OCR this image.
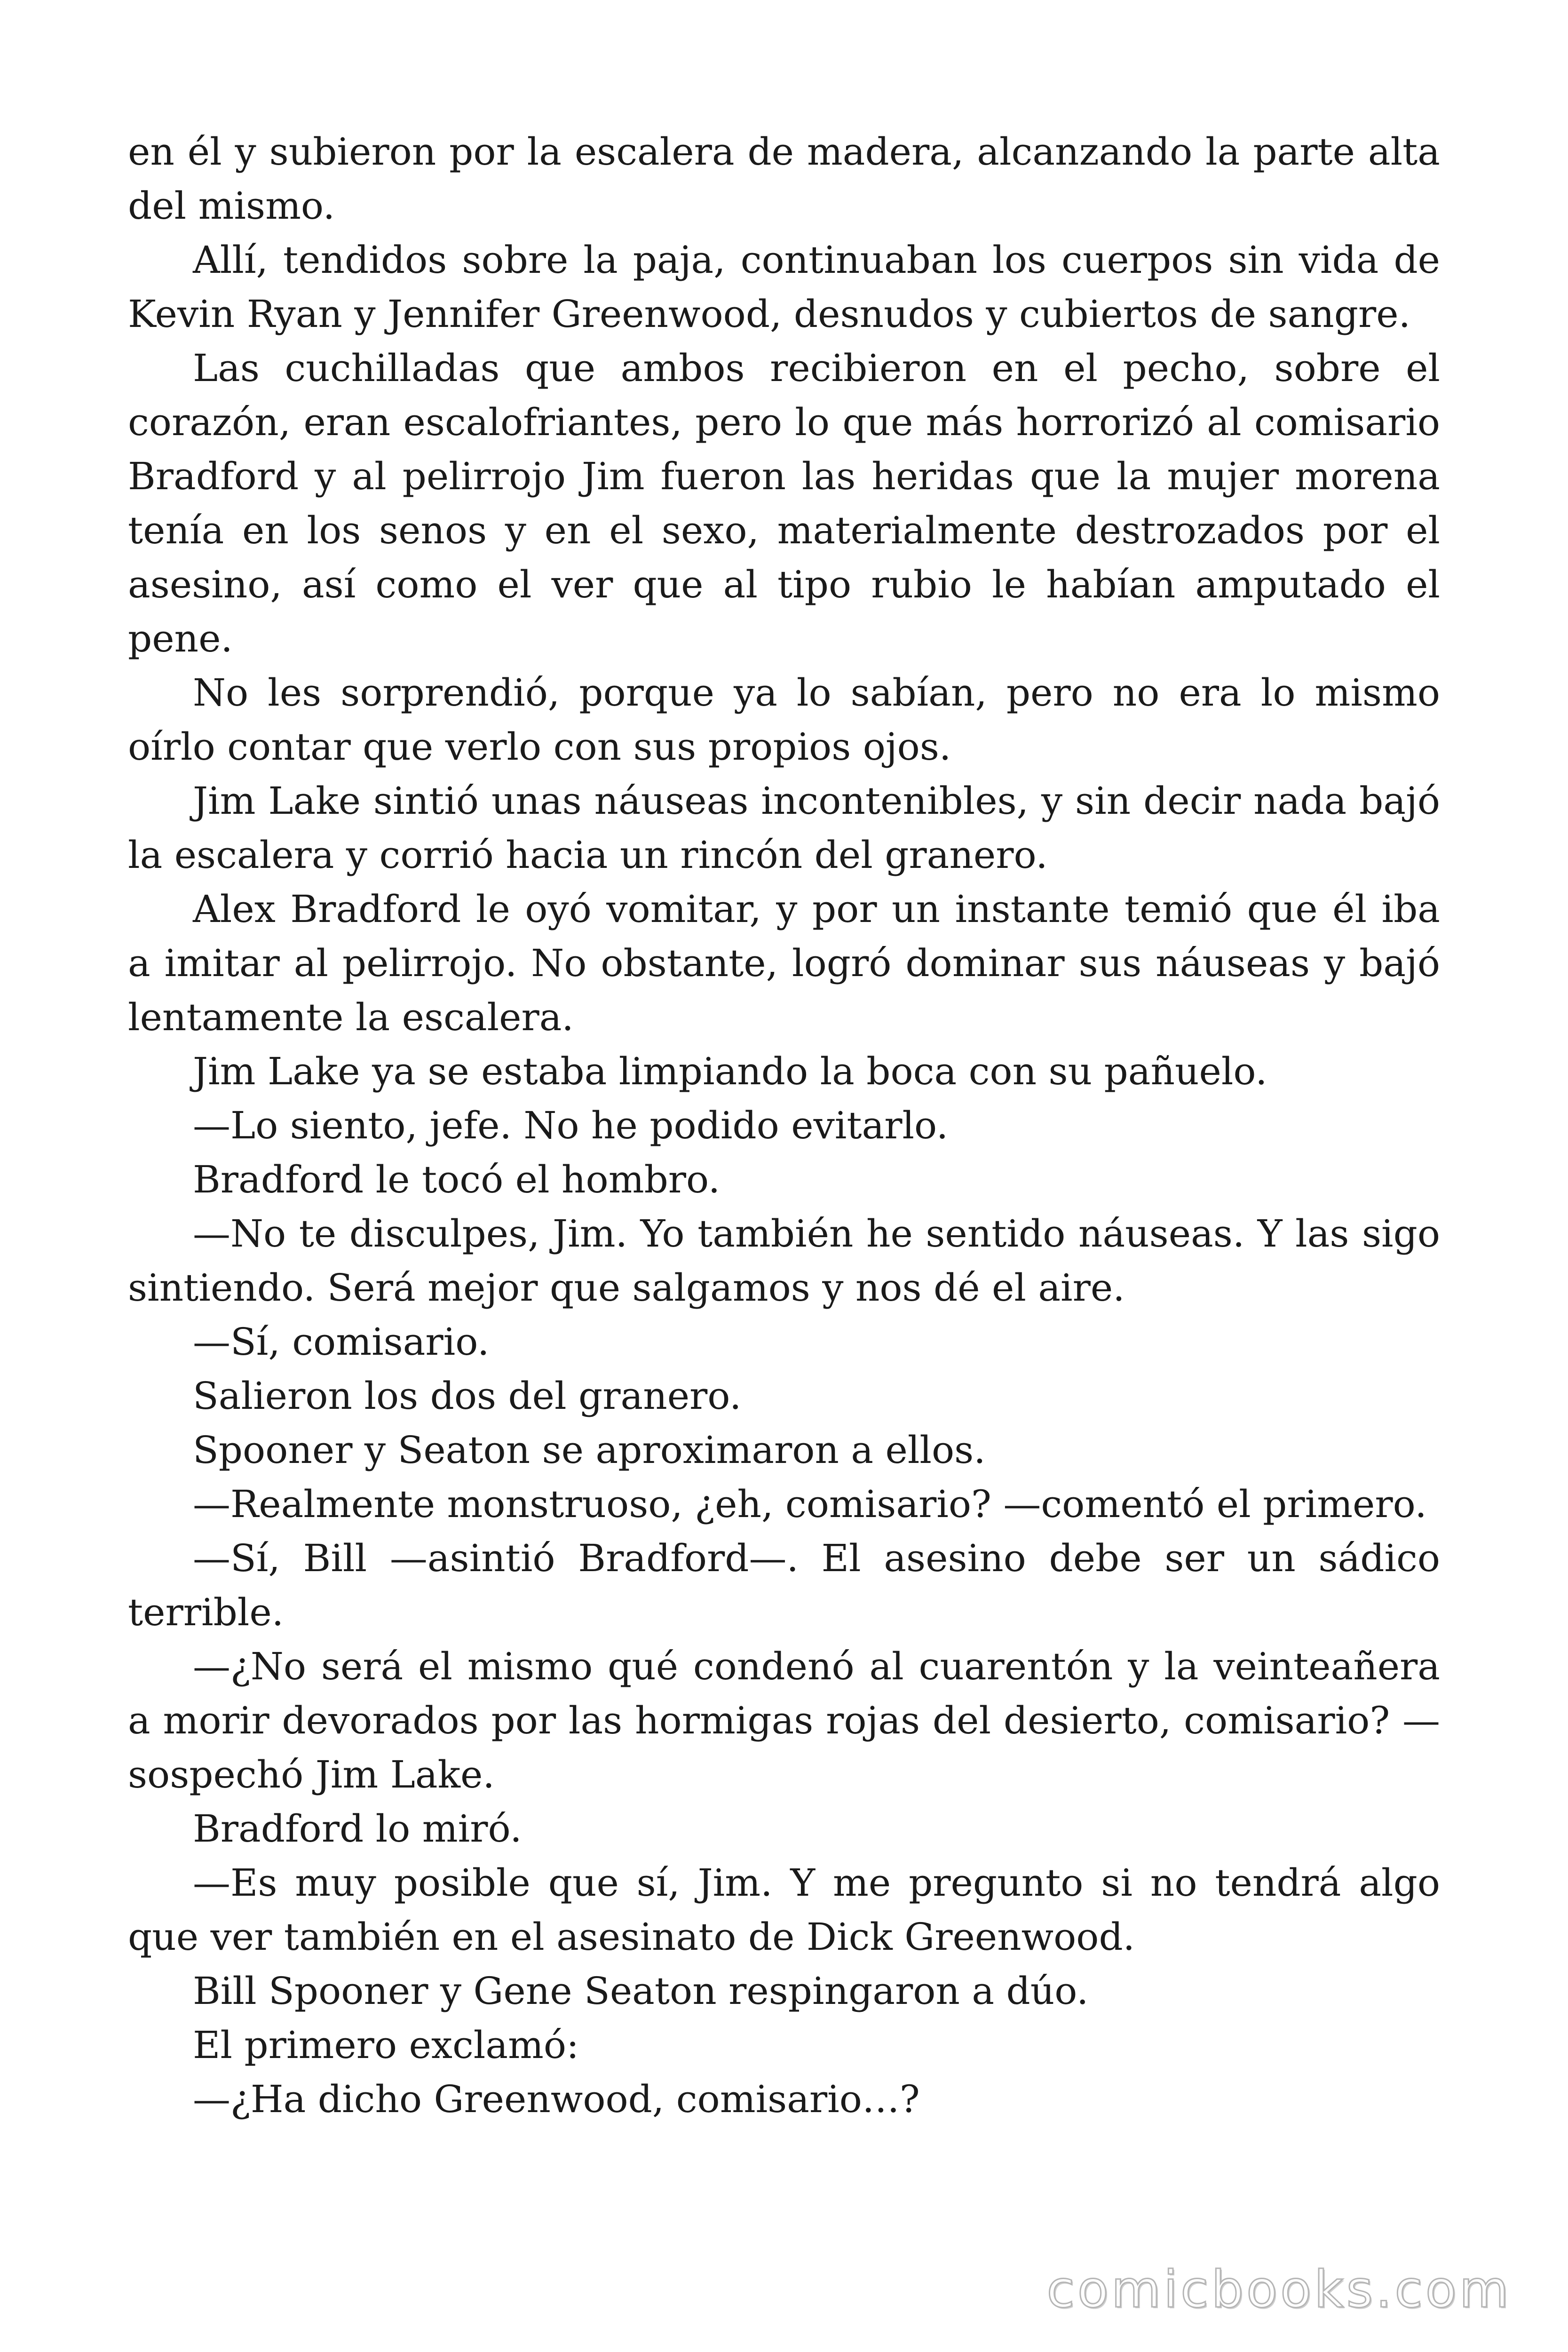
en él y subieron por la escalera de madera, alcanzando la parte alta del mismo.

Allí, tendidos sobre la paja, continuaban los cuerpos sin vida de Kevin Ryan y Jennifer Greenwood, desnudos y cubiertos de sangre.

Las cuchilladas que ambos recibieron en el pecho, sobre el corazón, eran escalofriantes, pero lo que más horrorizó al comisario Bradford y al pelirrojo Jim fueron las heridas que la mujer morena tenía en los senos y en el sexo, materialmente destrozados por el asesino, así como el ver que al tipo rubio le habían amputado el pene.

No les sorprendió, porque ya lo sabían, pero no era lo mismo oírlo contar que verlo con sus propios ojos.

Jim Lake sintió unas náuseas incontenibles, y sin decir nada bajó la escalera y corrió hacia un rincón del granero.

Alex Bradford le oyó vomitar, y por un instante temió que él iba a imitar al pelirrojo. No obstante, logró dominar sus náuseas y bajó lentamente la escalera.

Jim Lake ya se estaba limpiando la boca con su pañuelo.

—Lo siento, jefe. No he podido evitarlo.

Bradford le tocó el hombro.

—No te disculpes, Jim. Yo también he sentido náuseas. Y las sigo sintiendo. Será mejor que salgamos y nos dé el aire.

—Sí, comisario.

Salieron los dos del granero.

Spooner y Seaton se aproximaron a ellos.

—Realmente monstruoso, ¿eh, comisario? —comentó el primero.

—Sí, Bill —asintió Bradford—. El asesino debe ser un sádico terrible.

—¿No será el mismo qué condenó al cuarentón y la veinteañera a morir devorados por las hormigas rojas del desierto, comisario? —sospechó Jim Lake.

Bradford lo miró.

—Es muy posible que sí, Jim. Y me pregunto si no tendrá algo que ver también en el asesinato de Dick Greenwood.

Bill Spooner y Gene Seaton respingaron a dúo.

El primero exclamó:

—¿Ha dicho Greenwood, comisario…?

comicbooks.com
